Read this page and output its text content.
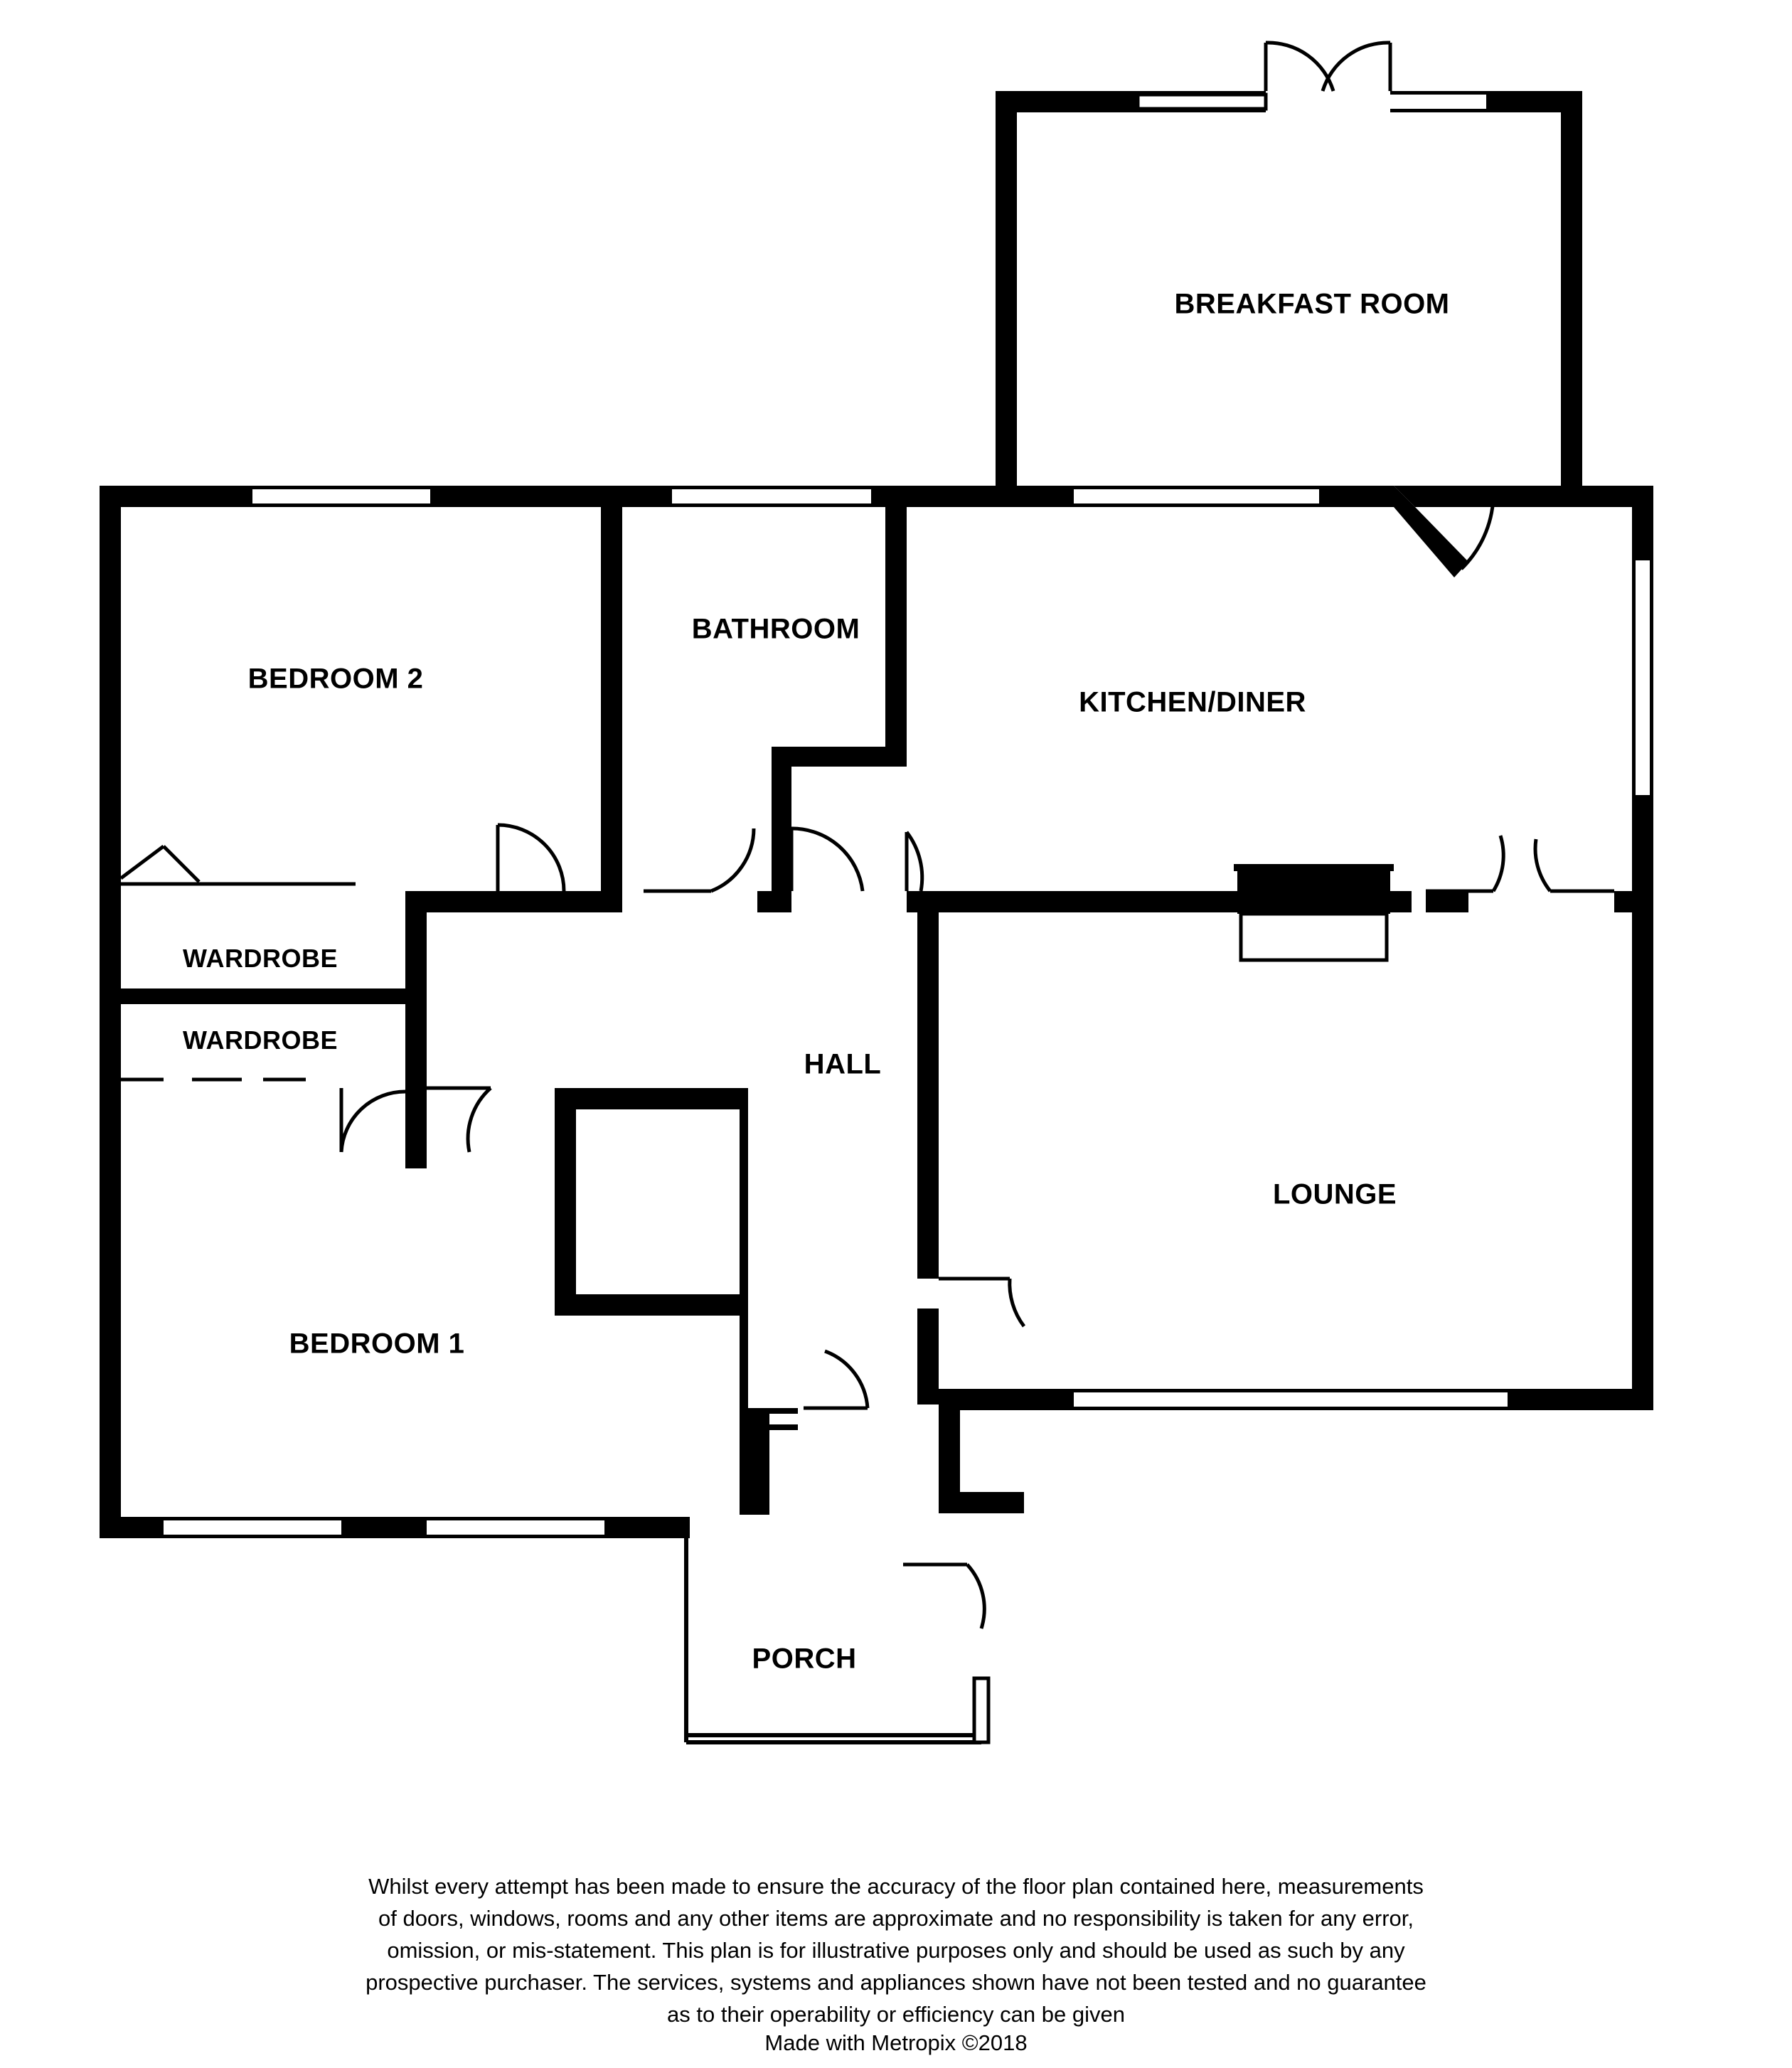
BREAKFAST ROOM
BATHROOM
BEDROOM 2
KITCHEN/DINER
WARDROBE
WARDROBE
HALL
LOUNGE
BEDROOM 1
PORCH
Whilst every attempt has been made to ensure the accuracy of the floor plan contained here, measurements
of doors, windows, rooms and any other items are approximate and no responsibility is taken for any error,
omission, or mis-statement. This plan is for illustrative purposes only and should be used as such by any
prospective purchaser. The services, systems and appliances shown have not been tested and no guarantee
as to their operability or efficiency can be given
Made with Metropix ©2018
